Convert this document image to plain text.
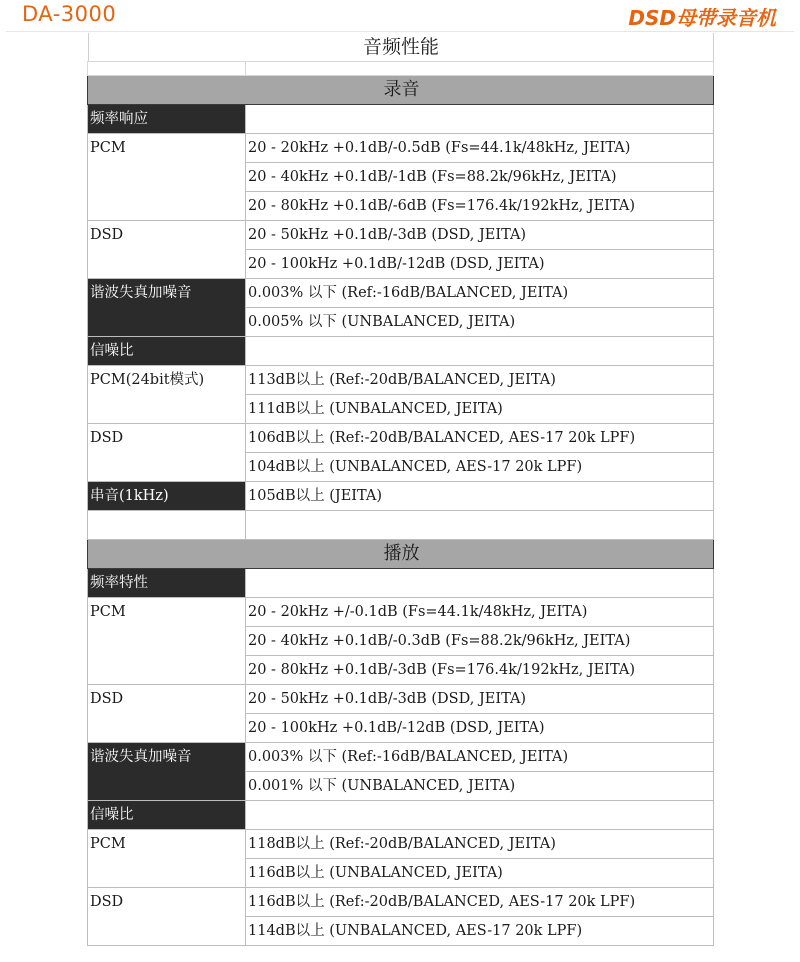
DA-3000	DSD母带录音机
音频性能

录音	
频率响应	
PCM	20 - 20kHz +0.1dB/-0.5dB (Fs=44.1k/48kHz, JEITA)
	20 - 40kHz +0.1dB/-1dB (Fs=88.2k/96kHz, JEITA)
	20 - 80kHz +0.1dB/-6dB (Fs=176.4k/192kHz, JEITA)
DSD	20 - 50kHz +0.1dB/-3dB (DSD, JEITA)
	20 - 100kHz +0.1dB/-12dB (DSD, JEITA)
谐波失真加噪音	0.003% 以下 (Ref:-16dB/BALANCED, JEITA)
	0.005% 以下 (UNBALANCED, JEITA)
信噪比	
PCM(24bit模式)	113dB以上 (Ref:-20dB/BALANCED, JEITA)
	111dB以上 (UNBALANCED, JEITA)
DSD	106dB以上 (Ref:-20dB/BALANCED, AES-17 20k LPF)
	104dB以上 (UNBALANCED, AES-17 20k LPF)
串音(1kHz)	105dB以上 (JEITA)

播放	
频率特性	
PCM	20 - 20kHz +/-0.1dB (Fs=44.1k/48kHz, JEITA)
	20 - 40kHz +0.1dB/-0.3dB (Fs=88.2k/96kHz, JEITA)
	20 - 80kHz +0.1dB/-3dB (Fs=176.4k/192kHz, JEITA)
DSD	20 - 50kHz +0.1dB/-3dB (DSD, JEITA)
	20 - 100kHz +0.1dB/-12dB (DSD, JEITA)
谐波失真加噪音	0.003% 以下 (Ref:-16dB/BALANCED, JEITA)
	0.001% 以下 (UNBALANCED, JEITA)
信噪比	
PCM	118dB以上 (Ref:-20dB/BALANCED, JEITA)
	116dB以上 (UNBALANCED, JEITA)
DSD	116dB以上 (Ref:-20dB/BALANCED, AES-17 20k LPF)
	114dB以上 (UNBALANCED, AES-17 20k LPF)
